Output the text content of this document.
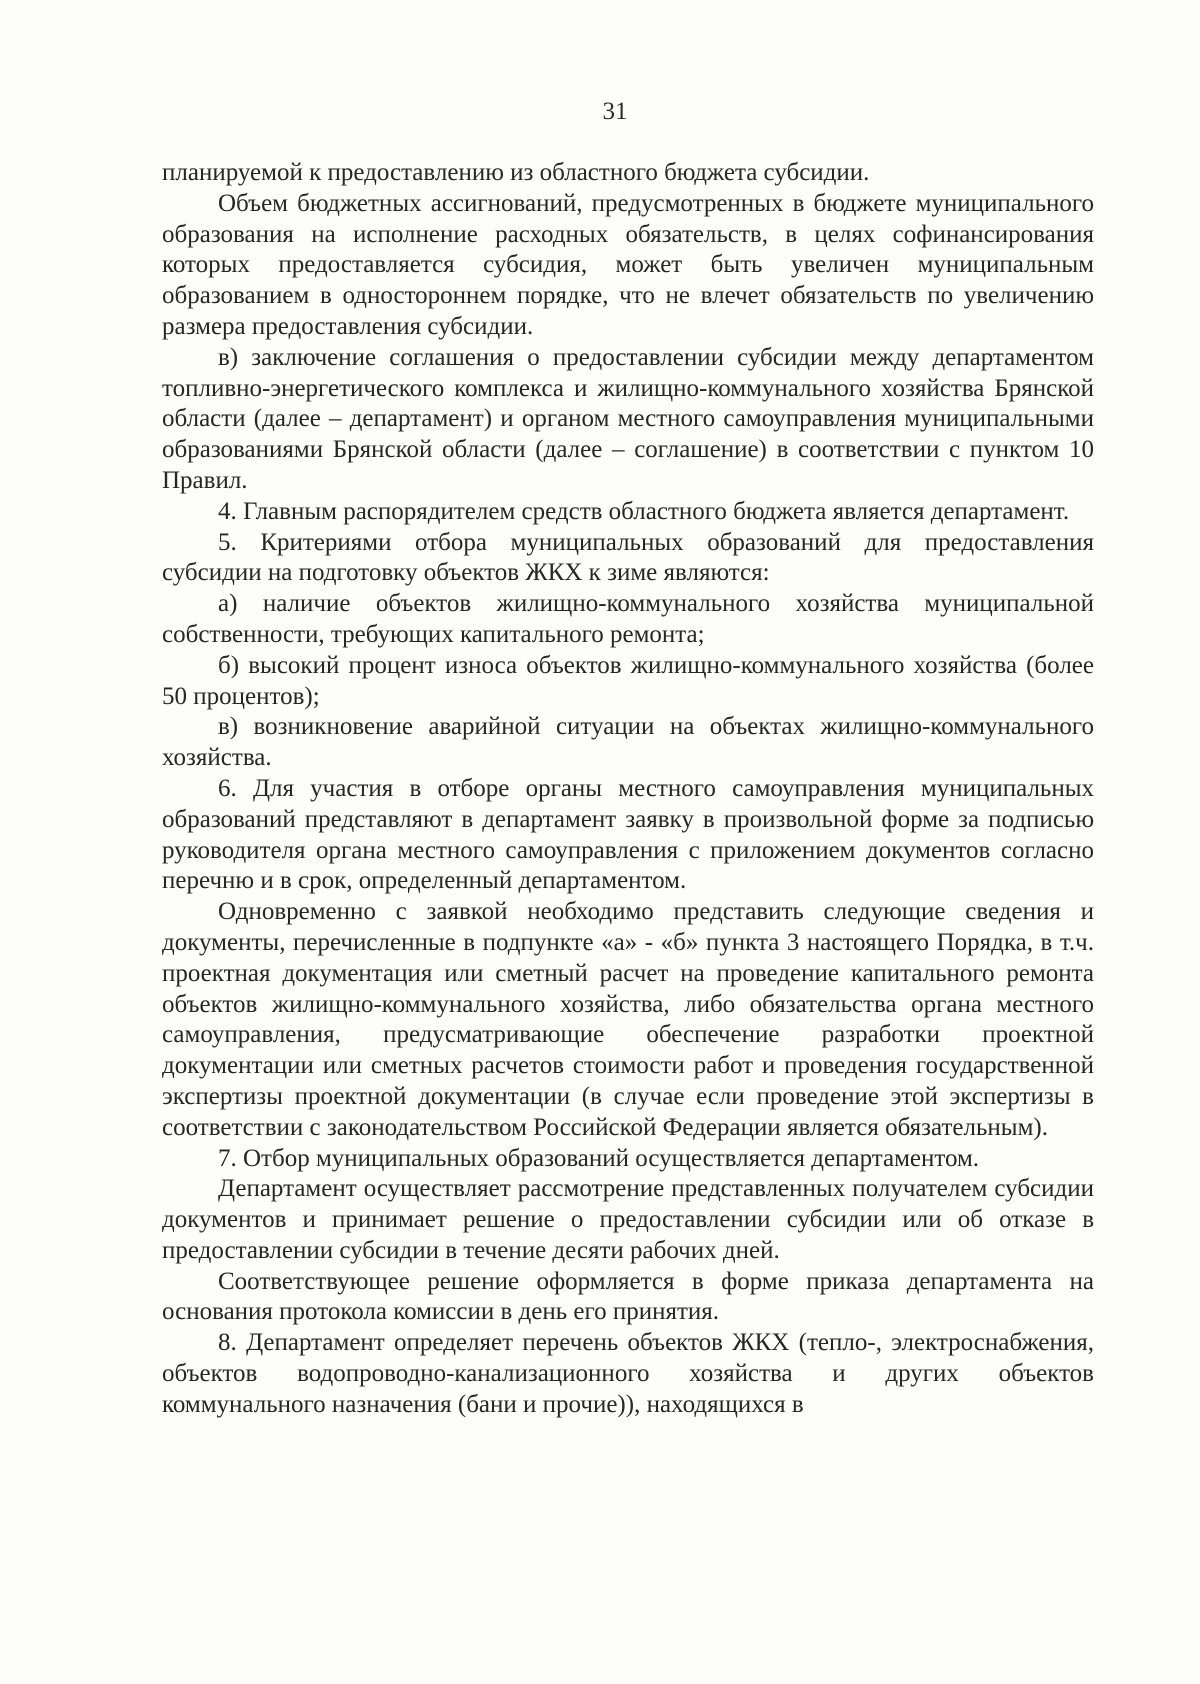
31

планируемой к предоставлению из областного бюджета субсидии.

Объем бюджетных ассигнований, предусмотренных в бюджете муниципального образования на исполнение расходных обязательств, в целях софинансирования которых предоставляется субсидия, может быть увеличен муниципальным образованием в одностороннем порядке, что не влечет обязательств по увеличению размера предоставления субсидии.

в) заключение соглашения о предоставлении субсидии между департаментом топливно-энергетического комплекса и жилищно-коммунального хозяйства Брянской области (далее – департамент) и органом местного самоуправления муниципальными образованиями Брянской области (далее – соглашение) в соответствии с пунктом 10 Правил.

4. Главным распорядителем средств областного бюджета является департамент.

5. Критериями отбора муниципальных образований для предоставления субсидии на подготовку объектов ЖКХ к зиме являются:

а) наличие объектов жилищно-коммунального хозяйства муниципальной собственности, требующих капитального ремонта;

б) высокий процент износа объектов жилищно-коммунального хозяйства (более 50 процентов);

в) возникновение аварийной ситуации на объектах жилищно-коммунального хозяйства.

6. Для участия в отборе органы местного самоуправления муниципальных образований представляют в департамент заявку в произвольной форме за подписью руководителя органа местного самоуправления с приложением документов согласно перечню и в срок, определенный департаментом.

Одновременно с заявкой необходимо представить следующие сведения и документы, перечисленные в подпункте «а» - «б» пункта 3 настоящего Порядка, в т.ч. проектная документация или сметный расчет на проведение капитального ремонта объектов жилищно-коммунального хозяйства, либо обязательства органа местного самоуправления, предусматривающие обеспечение разработки проектной документации или сметных расчетов стоимости работ и проведения государственной экспертизы проектной документации (в случае если проведение этой экспертизы в соответствии с законодательством Российской Федерации является обязательным).

7. Отбор муниципальных образований осуществляется департаментом.

Департамент осуществляет рассмотрение представленных получателем субсидии документов и принимает решение о предоставлении субсидии или об отказе в предоставлении субсидии в течение десяти рабочих дней.

Соответствующее решение оформляется в форме приказа департамента на основания протокола комиссии в день его принятия.

8. Департамент определяет перечень объектов ЖКХ (тепло-, электроснабжения, объектов водопроводно-канализационного хозяйства и других объектов коммунального назначения (бани и прочие)), находящихся в
